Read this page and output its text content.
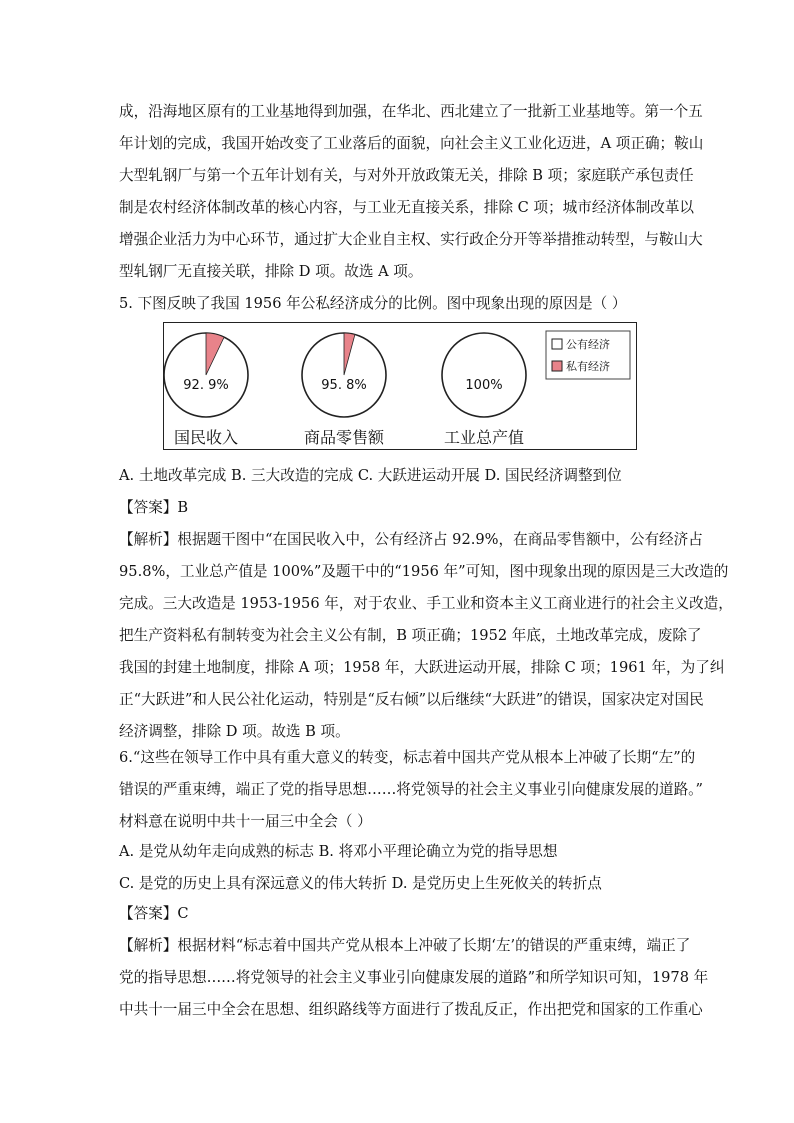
成，沿海地区原有的工业基地得到加强，在华北、西北建立了一批新工业基地等。第一个五

年计划的完成，我国开始改变了工业落后的面貌，向社会主义工业化迈进，A 项正确；鞍山

大型轧钢厂与第一个五年计划有关，与对外开放政策无关，排除 B 项；家庭联产承包责任

制是农村经济体制改革的核心内容，与工业无直接关系，排除 C 项；城市经济体制改革以

增强企业活力为中心环节，通过扩大企业自主权、实行政企分开等举措推动转型，与鞍山大

型轧钢厂无直接关联，排除 D 项。故选 A 项。

5. 下图反映了我国 1956 年公私经济成分的比例。图中现象出现的原因是（ ）

92. 9%
国民收入
95. 8%
商品零售额
100%
工业总产值
公有经济
私有经济

A. 土地改革完成 B. 三大改造的完成 C. 大跃进运动开展 D. 国民经济调整到位

【答案】B

【解析】根据题干图中“在国民收入中，公有经济占 92.9%，在商品零售额中，公有经济占

95.8%，工业总产值是 100%”及题干中的“1956 年”可知，图中现象出现的原因是三大改造的

完成。三大改造是 1953-1956 年，对于农业、手工业和资本主义工商业进行的社会主义改造，

把生产资料私有制转变为社会主义公有制，B 项正确；1952 年底，土地改革完成，废除了

我国的封建土地制度，排除 A 项；1958 年，大跃进运动开展，排除 C 项；1961 年，为了纠

正“大跃进”和人民公社化运动，特别是“反右倾”以后继续“大跃进”的错误，国家决定对国民

经济调整，排除 D 项。故选 B 项。

6.“这些在领导工作中具有重大意义的转变，标志着中国共产党从根本上冲破了长期“左”的

错误的严重束缚，端正了党的指导思想……将党领导的社会主义事业引向健康发展的道路。”

材料意在说明中共十一届三中全会（ ）

A. 是党从幼年走向成熟的标志 B. 将邓小平理论确立为党的指导思想

C. 是党的历史上具有深远意义的伟大转折 D. 是党历史上生死攸关的转折点

【答案】C

【解析】根据材料“标志着中国共产党从根本上冲破了长期‘左’的错误的严重束缚，端正了

党的指导思想……将党领导的社会主义事业引向健康发展的道路”和所学知识可知，1978 年

中共十一届三中全会在思想、组织路线等方面进行了拨乱反正，作出把党和国家的工作重心
